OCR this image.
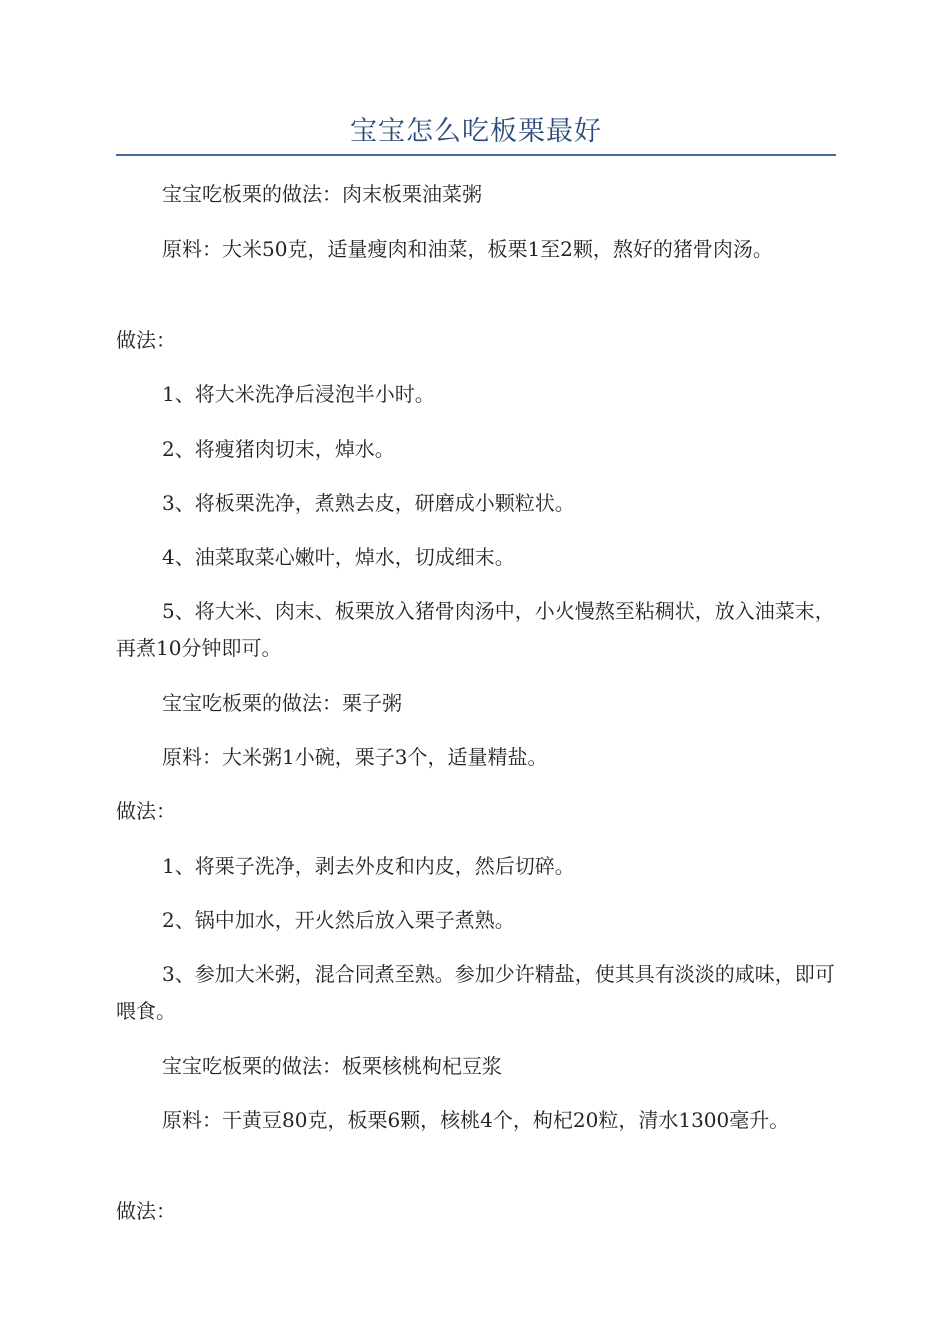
宝宝怎么吃板栗最好

宝宝吃板栗的做法：肉末板栗油菜粥

原料：大米50克，适量瘦肉和油菜，板栗1至2颗，熬好的猪骨肉汤。

做法：

1、将大米洗净后浸泡半小时。

2、将瘦猪肉切末，焯水。

3、将板栗洗净，煮熟去皮，研磨成小颗粒状。

4、油菜取菜心嫩叶，焯水，切成细末。

5、将大米、肉末、板栗放入猪骨肉汤中，小火慢熬至粘稠状，放入油菜末，再煮10分钟即可。

宝宝吃板栗的做法：栗子粥

原料：大米粥1小碗，栗子3个，适量精盐。

做法：

1、将栗子洗净，剥去外皮和内皮，然后切碎。

2、锅中加水，开火然后放入栗子煮熟。

3、参加大米粥，混合同煮至熟。参加少许精盐，使其具有淡淡的咸味，即可喂食。

宝宝吃板栗的做法：板栗核桃枸杞豆浆

原料：干黄豆80克，板栗6颗，核桃4个，枸杞20粒，清水1300毫升。

做法：
